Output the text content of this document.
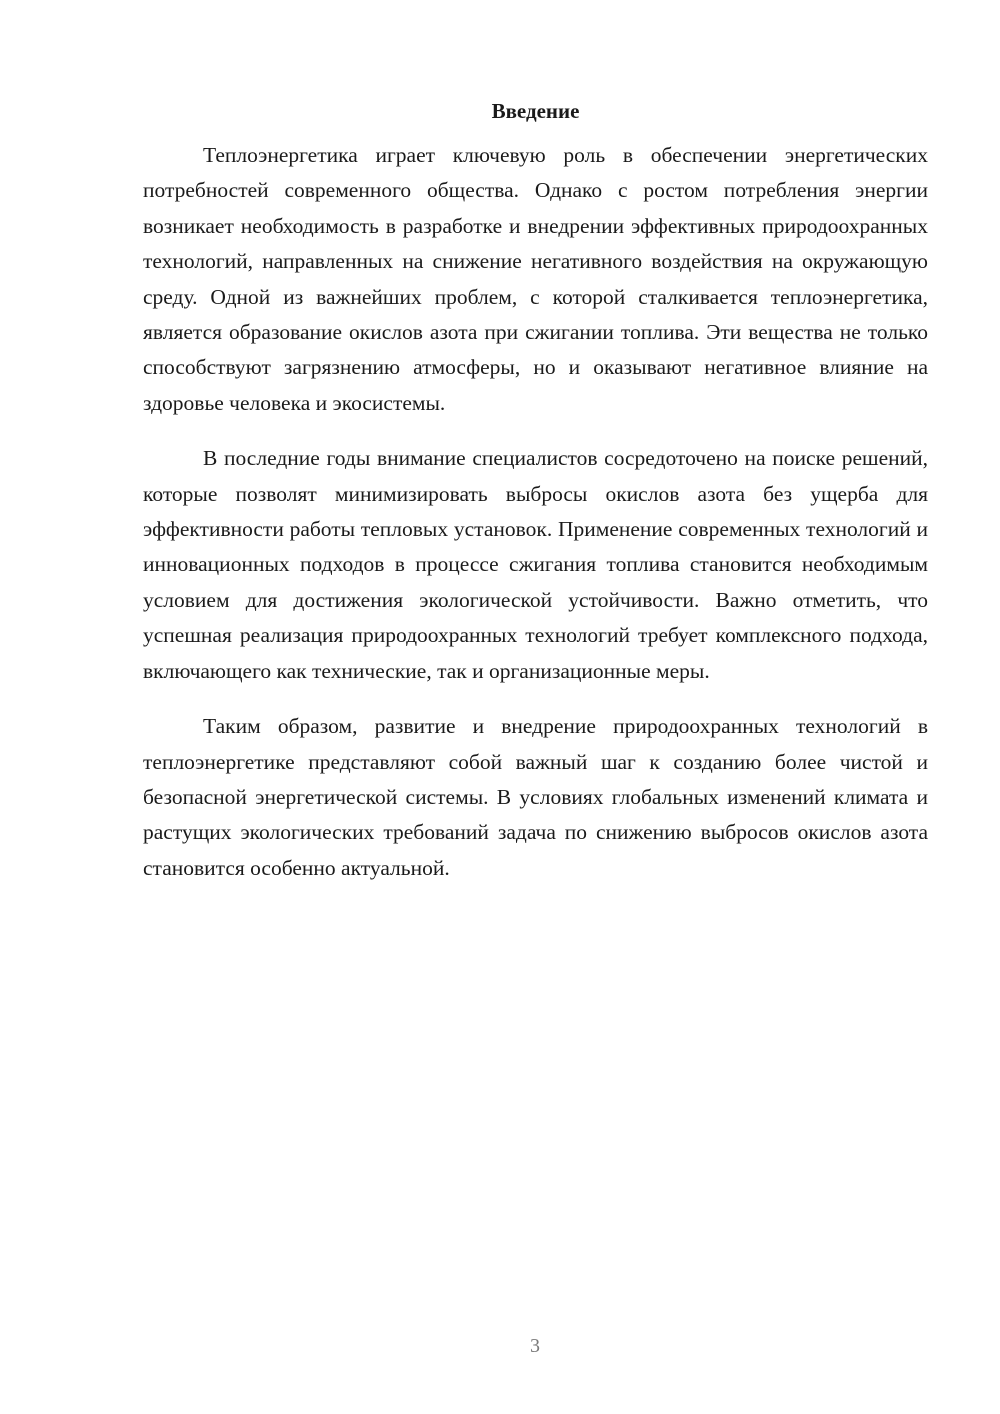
Введение

Теплоэнергетика играет ключевую роль в обеспечении энергетических потребностей современного общества. Однако с ростом потребления энергии возникает необходимость в разработке и внедрении эффективных природоохранных технологий, направленных на снижение негативного воздействия на окружающую среду. Одной из важнейших проблем, с которой сталкивается теплоэнергетика, является образование окислов азота при сжигании топлива. Эти вещества не только способствуют загрязнению атмосферы, но и оказывают негативное влияние на здоровье человека и экосистемы.

В последние годы внимание специалистов сосредоточено на поиске решений, которые позволят минимизировать выбросы окислов азота без ущерба для эффективности работы тепловых установок. Применение современных технологий и инновационных подходов в процессе сжигания топлива становится необходимым условием для достижения экологической устойчивости. Важно отметить, что успешная реализация природоохранных технологий требует комплексного подхода, включающего как технические, так и организационные меры.

Таким образом, развитие и внедрение природоохранных технологий в теплоэнергетике представляют собой важный шаг к созданию более чистой и безопасной энергетической системы. В условиях глобальных изменений климата и растущих экологических требований задача по снижению выбросов окислов азота становится особенно актуальной.

3
